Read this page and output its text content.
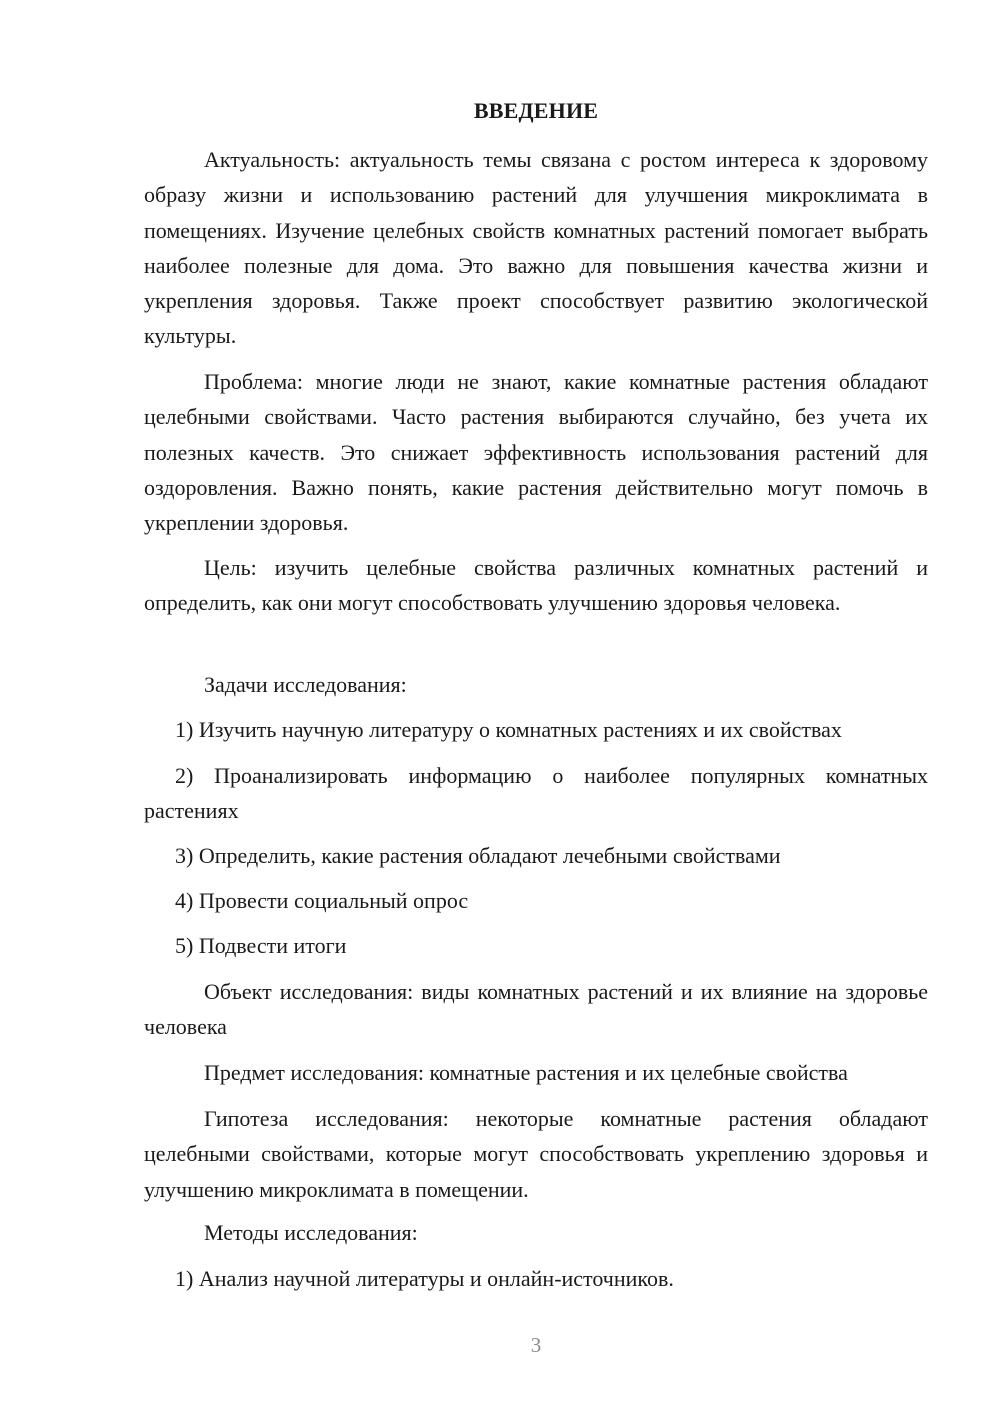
ВВЕДЕНИЕ

Актуальность: актуальность темы связана с ростом интереса к здоровому образу жизни и использованию растений для улучшения микроклимата в помещениях. Изучение целебных свойств комнатных растений помогает выбрать наиболее полезные для дома. Это важно для повышения качества жизни и укрепления здоровья. Также проект способствует развитию экологической культуры.

Проблема: многие люди не знают, какие комнатные растения обладают целебными свойствами. Часто растения выбираются случайно, без учета их полезных качеств. Это снижает эффективность использования растений для оздоровления. Важно понять, какие растения действительно могут помочь в укреплении здоровья.

Цель: изучить целебные свойства различных комнатных растений и определить, как они могут способствовать улучшению здоровья человека.

Задачи исследования:

1) Изучить научную литературу о комнатных растениях и их свойствах

2) Проанализировать информацию о наиболее популярных комнатных растениях

3) Определить, какие растения обладают лечебными свойствами

4) Провести социальный опрос

5) Подвести итоги

Объект исследования: виды комнатных растений и их влияние на здоровье человека

Предмет исследования: комнатные растения и их целебные свойства

Гипотеза исследования: некоторые комнатные растения обладают целебными свойствами, которые могут способствовать укреплению здоровья и улучшению микроклимата в помещении.

Методы исследования:

1) Анализ научной литературы и онлайн-источников.

3
